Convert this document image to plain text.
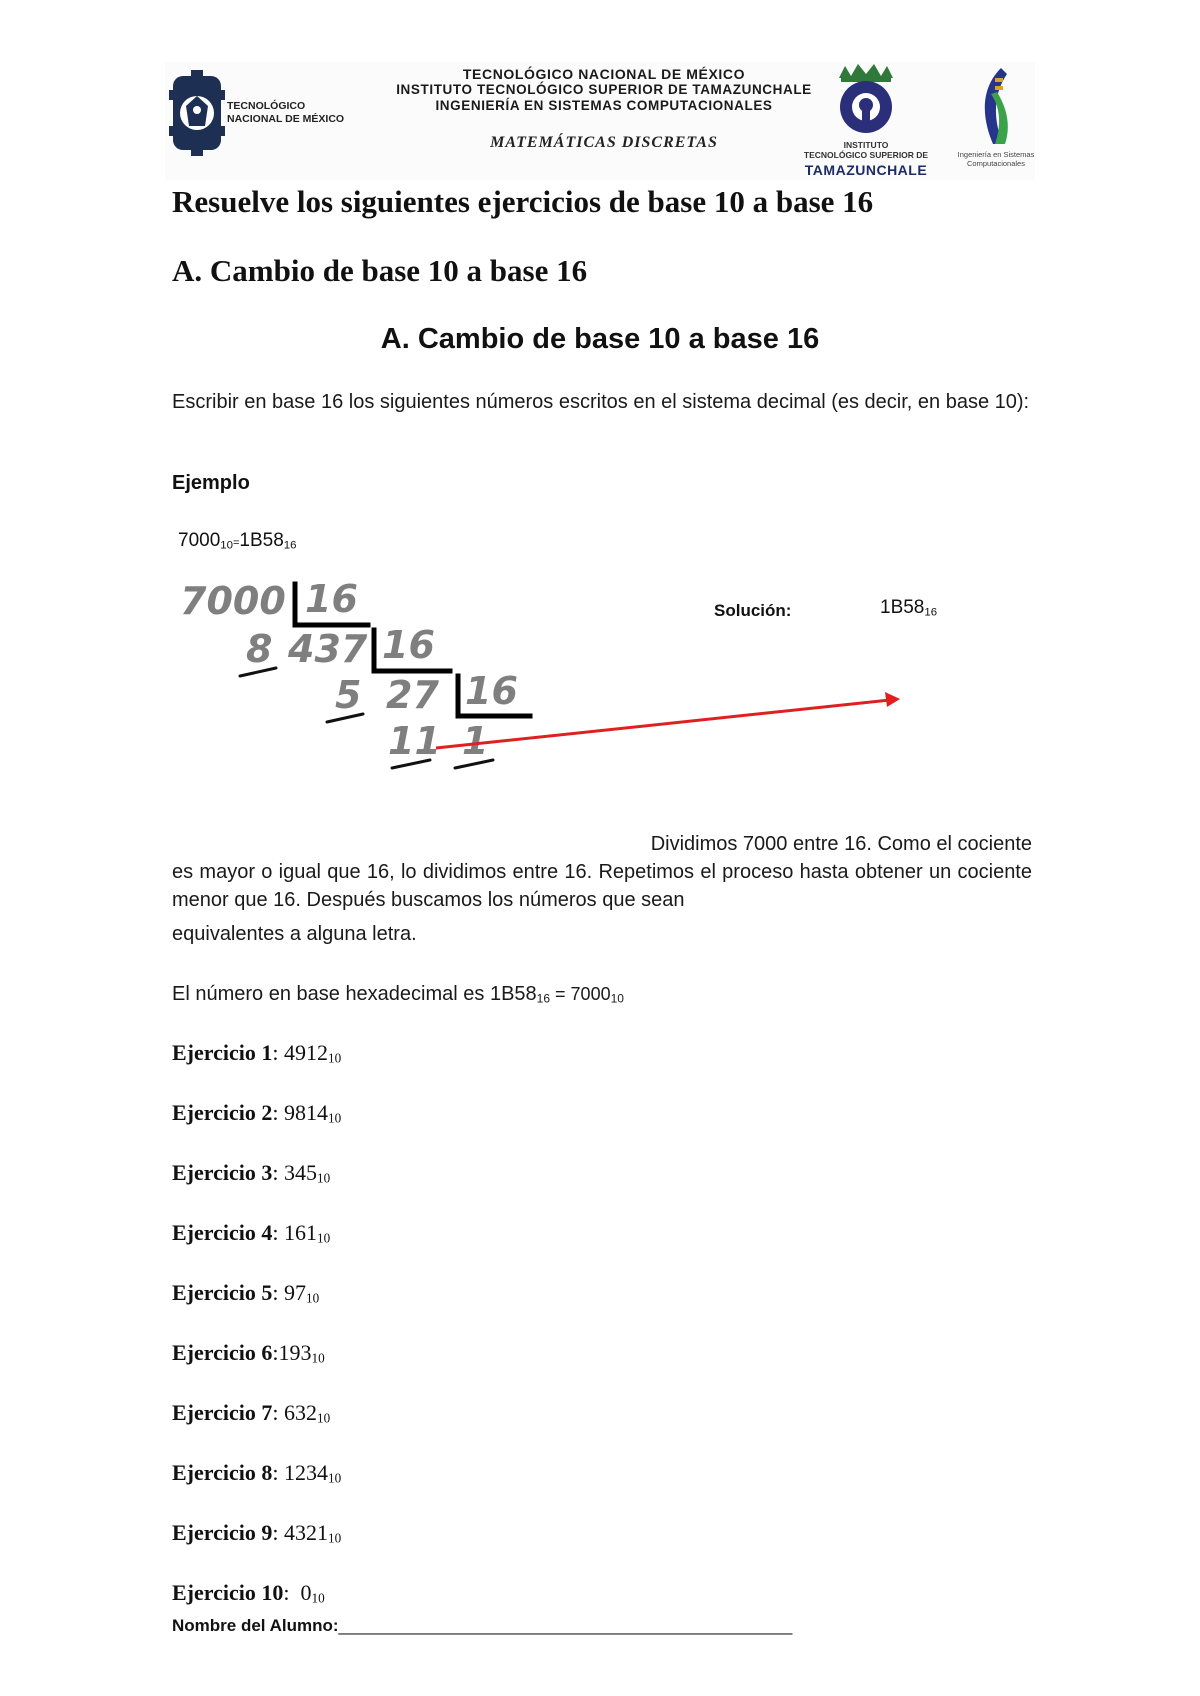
TECNOLÓGICO
NACIONAL DE MÉXICO
TECNOLÓGICO NACIONAL DE MÉXICO
INSTITUTO TECNOLÓGICO SUPERIOR DE TAMAZUNCHALE
INGENIERÍA EN SISTEMAS COMPUTACIONALES
MATEMÁTICAS DISCRETAS	INSTITUTO
TECNOLÓGICO SUPERIOR DE
TAMAZUNCHALE
Ingeniería en Sistemas
Computacionales
Resuelve los siguientes ejercicios de base 10 a base 16
A. Cambio de base 10 a base 16
A. Cambio de base 10 a base 16
Escribir en base 16 los siguientes números escritos en el sistema decimal (es decir, en base 10):
Ejemplo
$7000_{10}=1B58_{16}$
7000 16
8 437 16
5 27 16
11 1
Solución:	$1B58_{16}$
Dividimos 7000 entre 16. Como el cociente
es mayor o igual que 16, lo dividimos entre 16. Repetimos el proceso hasta obtener un cociente menor que 16. Después buscamos los números que sean
equivalentes a alguna letra.
El número en base hexadecimal es $1B58_{16} = 7000_{10}$
Ejercicio 1: $4912_{10}$
Ejercicio 2: $9814_{10}$
Ejercicio 3: $345_{10}$
Ejercicio 4: $161_{10}$
Ejercicio 5: $97_{10}$
Ejercicio $6:193_{10}$
Ejercicio 7: $632_{10}$
Ejercicio 8: $1234_{10}$
Ejercicio 9: $4321_{10}$
Ejercicio 10:  $0_{10}$
Nombre del Alumno:________________________________________________
